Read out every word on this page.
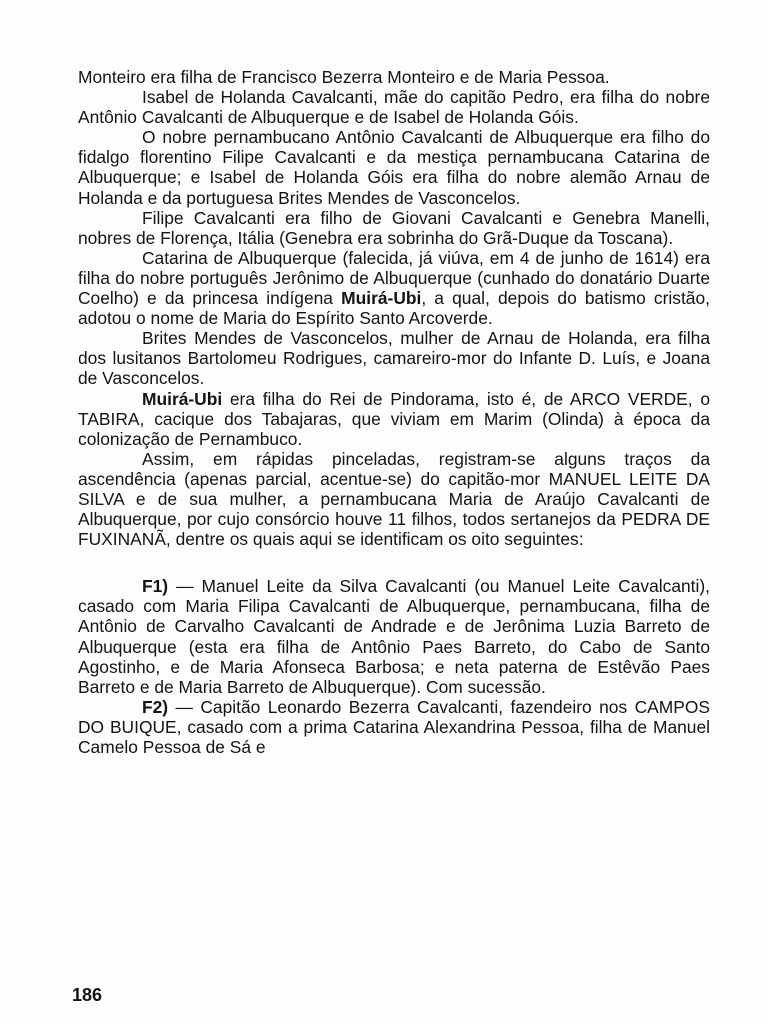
Monteiro era filha de Francisco Bezerra Monteiro e de Maria Pessoa.

Isabel de Holanda Cavalcanti, mãe do capitão Pedro, era filha do nobre Antônio Cavalcanti de Albuquerque e de Isabel de Holanda Góis.

O nobre pernambucano Antônio Cavalcanti de Albuquerque era filho do fidalgo florentino Filipe Cavalcanti e da mestiça pernambucana Catarina de Albuquerque; e Isabel de Holanda Góis era filha do nobre alemão Arnau de Holanda e da portuguesa Brites Mendes de Vasconcelos.

Filipe Cavalcanti era filho de Giovani Cavalcanti e Genebra Manelli, nobres de Florença, Itália (Genebra era sobrinha do Grã-Duque da Toscana).

Catarina de Albuquerque (falecida, já viúva, em 4 de junho de 1614) era filha do nobre português Jerônimo de Albuquerque (cunhado do donatário Duarte Coelho) e da princesa indígena Muirá-Ubi, a qual, depois do batismo cristão, adotou o nome de Maria do Espírito Santo Arcoverde.

Brites Mendes de Vasconcelos, mulher de Arnau de Holanda, era filha dos lusitanos Bartolomeu Rodrigues, camareiro-mor do Infante D. Luís, e Joana de Vasconcelos.

Muirá-Ubi era filha do Rei de Pindorama, isto é, de ARCO VERDE, o TABIRA, cacique dos Tabajaras, que viviam em Marim (Olinda) à época da colonização de Pernambuco.

Assim, em rápidas pinceladas, registram-se alguns traços da ascendência (apenas parcial, acentue-se) do capitão-mor MANUEL LEITE DA SILVA e de sua mulher, a pernambucana Maria de Araújo Cavalcanti de Albuquerque, por cujo consórcio houve 11 filhos, todos sertanejos da PEDRA DE FUXINANÃ, dentre os quais aqui se identificam os oito seguintes:

F1) — Manuel Leite da Silva Cavalcanti (ou Manuel Leite Cavalcanti), casado com Maria Filipa Cavalcanti de Albuquerque, pernambucana, filha de Antônio de Carvalho Cavalcanti de Andrade e de Jerônima Luzia Barreto de Albuquerque (esta era filha de Antônio Paes Barreto, do Cabo de Santo Agostinho, e de Maria Afonseca Barbosa; e neta paterna de Estêvão Paes Barreto e de Maria Barreto de Albuquerque). Com sucessão.

F2) — Capitão Leonardo Bezerra Cavalcanti, fazendeiro nos CAMPOS DO BUIQUE, casado com a prima Catarina Alexandrina Pessoa, filha de Manuel Camelo Pessoa de Sá e

186
